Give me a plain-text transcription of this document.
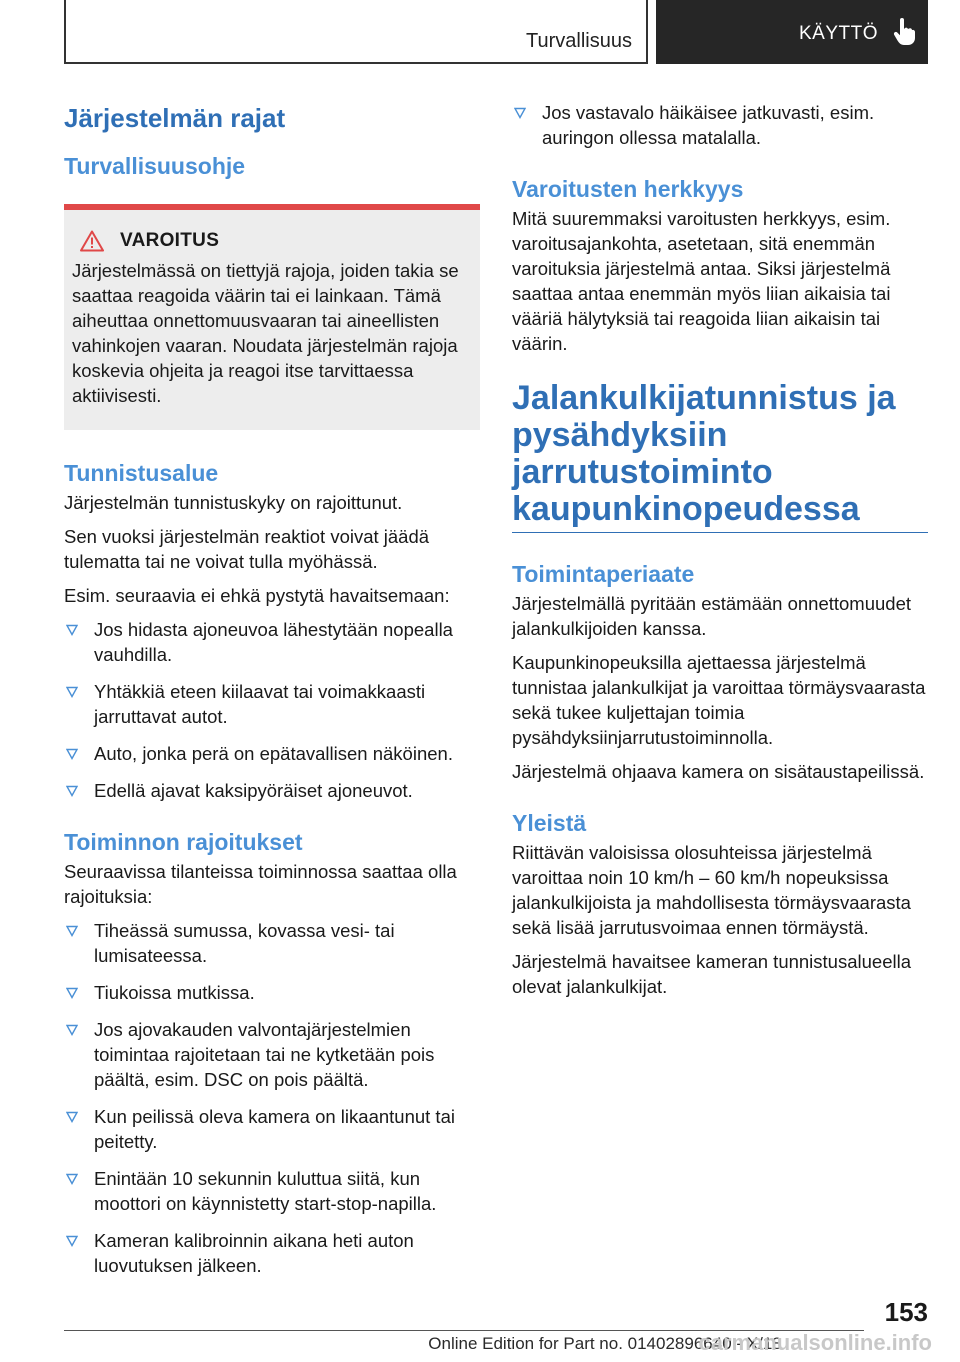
Turvallisuus	KÄYTTÖ
Järjestelmän rajat
Turvallisuusohje
VAROITUS

Järjestelmässä on tiettyjä rajoja, joiden takia se saattaa reagoida väärin tai ei lainkaan. Tämä aiheuttaa onnettomuusvaaran tai aineellisten vahinkojen vaaran. Noudata järjestelmän rajoja koskevia ohjeita ja reagoi itse tarvittaessa aktiivisesti.

Tunnistusalue

Järjestelmän tunnistuskyky on rajoittunut.

Sen vuoksi järjestelmän reaktiot voivat jäädä tulematta tai ne voivat tulla myöhässä.

Esim. seuraavia ei ehkä pystytä havaitsemaan:

Jos hidasta ajoneuvoa lähestytään nopealla vauhdilla.
Yhtäkkiä eteen kiilaavat tai voimakkaasti jarruttavat autot.
Auto, jonka perä on epätavallisen näköinen.
Edellä ajavat kaksipyöräiset ajoneuvot.
Toiminnon rajoitukset

Seuraavissa tilanteissa toiminnossa saattaa olla rajoituksia:

Tiheässä sumussa, kovassa vesi- tai lumisateessa.
Tiukoissa mutkissa.
Jos ajovakauden valvontajärjestelmien toimintaa rajoitetaan tai ne kytketään pois päältä, esim. DSC on pois päältä.
Kun peilissä oleva kamera on likaantunut tai peitetty.
Enintään 10 sekunnin kuluttua siitä, kun moottori on käynnistetty start-stop-napilla.
Kameran kalibroinnin aikana heti auton luovutuksen jälkeen.
Jos vastavalo häikäisee jatkuvasti, esim. auringon ollessa matalalla.
Varoitusten herkkyys

Mitä suuremmaksi varoitusten herkkyys, esim. varoitusajankohta, asetetaan, sitä enemmän varoituksia järjestelmä antaa. Siksi järjestelmä saattaa antaa enemmän myös liian aikaisia tai vääriä hälytyksiä tai reagoida liian aikaisin tai väärin.

Jalankulkijatunnistus ja pysähdyksiin jarrutustoiminto kaupunkinopeudessa
Toimintaperiaate

Järjestelmällä pyritään estämään onnettomuudet jalankulkijoiden kanssa.

Kaupunkinopeuksilla ajettaessa järjestelmä tunnistaa jalankulkijat ja varoittaa törmäysvaarasta sekä tukee kuljettajan toimia pysähdyksiinjarrutustoiminnolla.

Järjestelmä ohjaava kamera on sisätaustapeilissä.

Yleistä

Riittävän valoisissa olosuhteissa järjestelmä varoittaa noin 10 km/h – 60 km/h nopeuksissa jalankulkijoista ja mahdollisesta törmäysvaarasta sekä lisää jarrutusvoimaa ennen törmäystä.

Järjestelmä havaitsee kameran tunnistusalueella olevat jalankulkijat.

153
Online Edition for Part no. 01402896640 - X/18
carmanualsonline.info
